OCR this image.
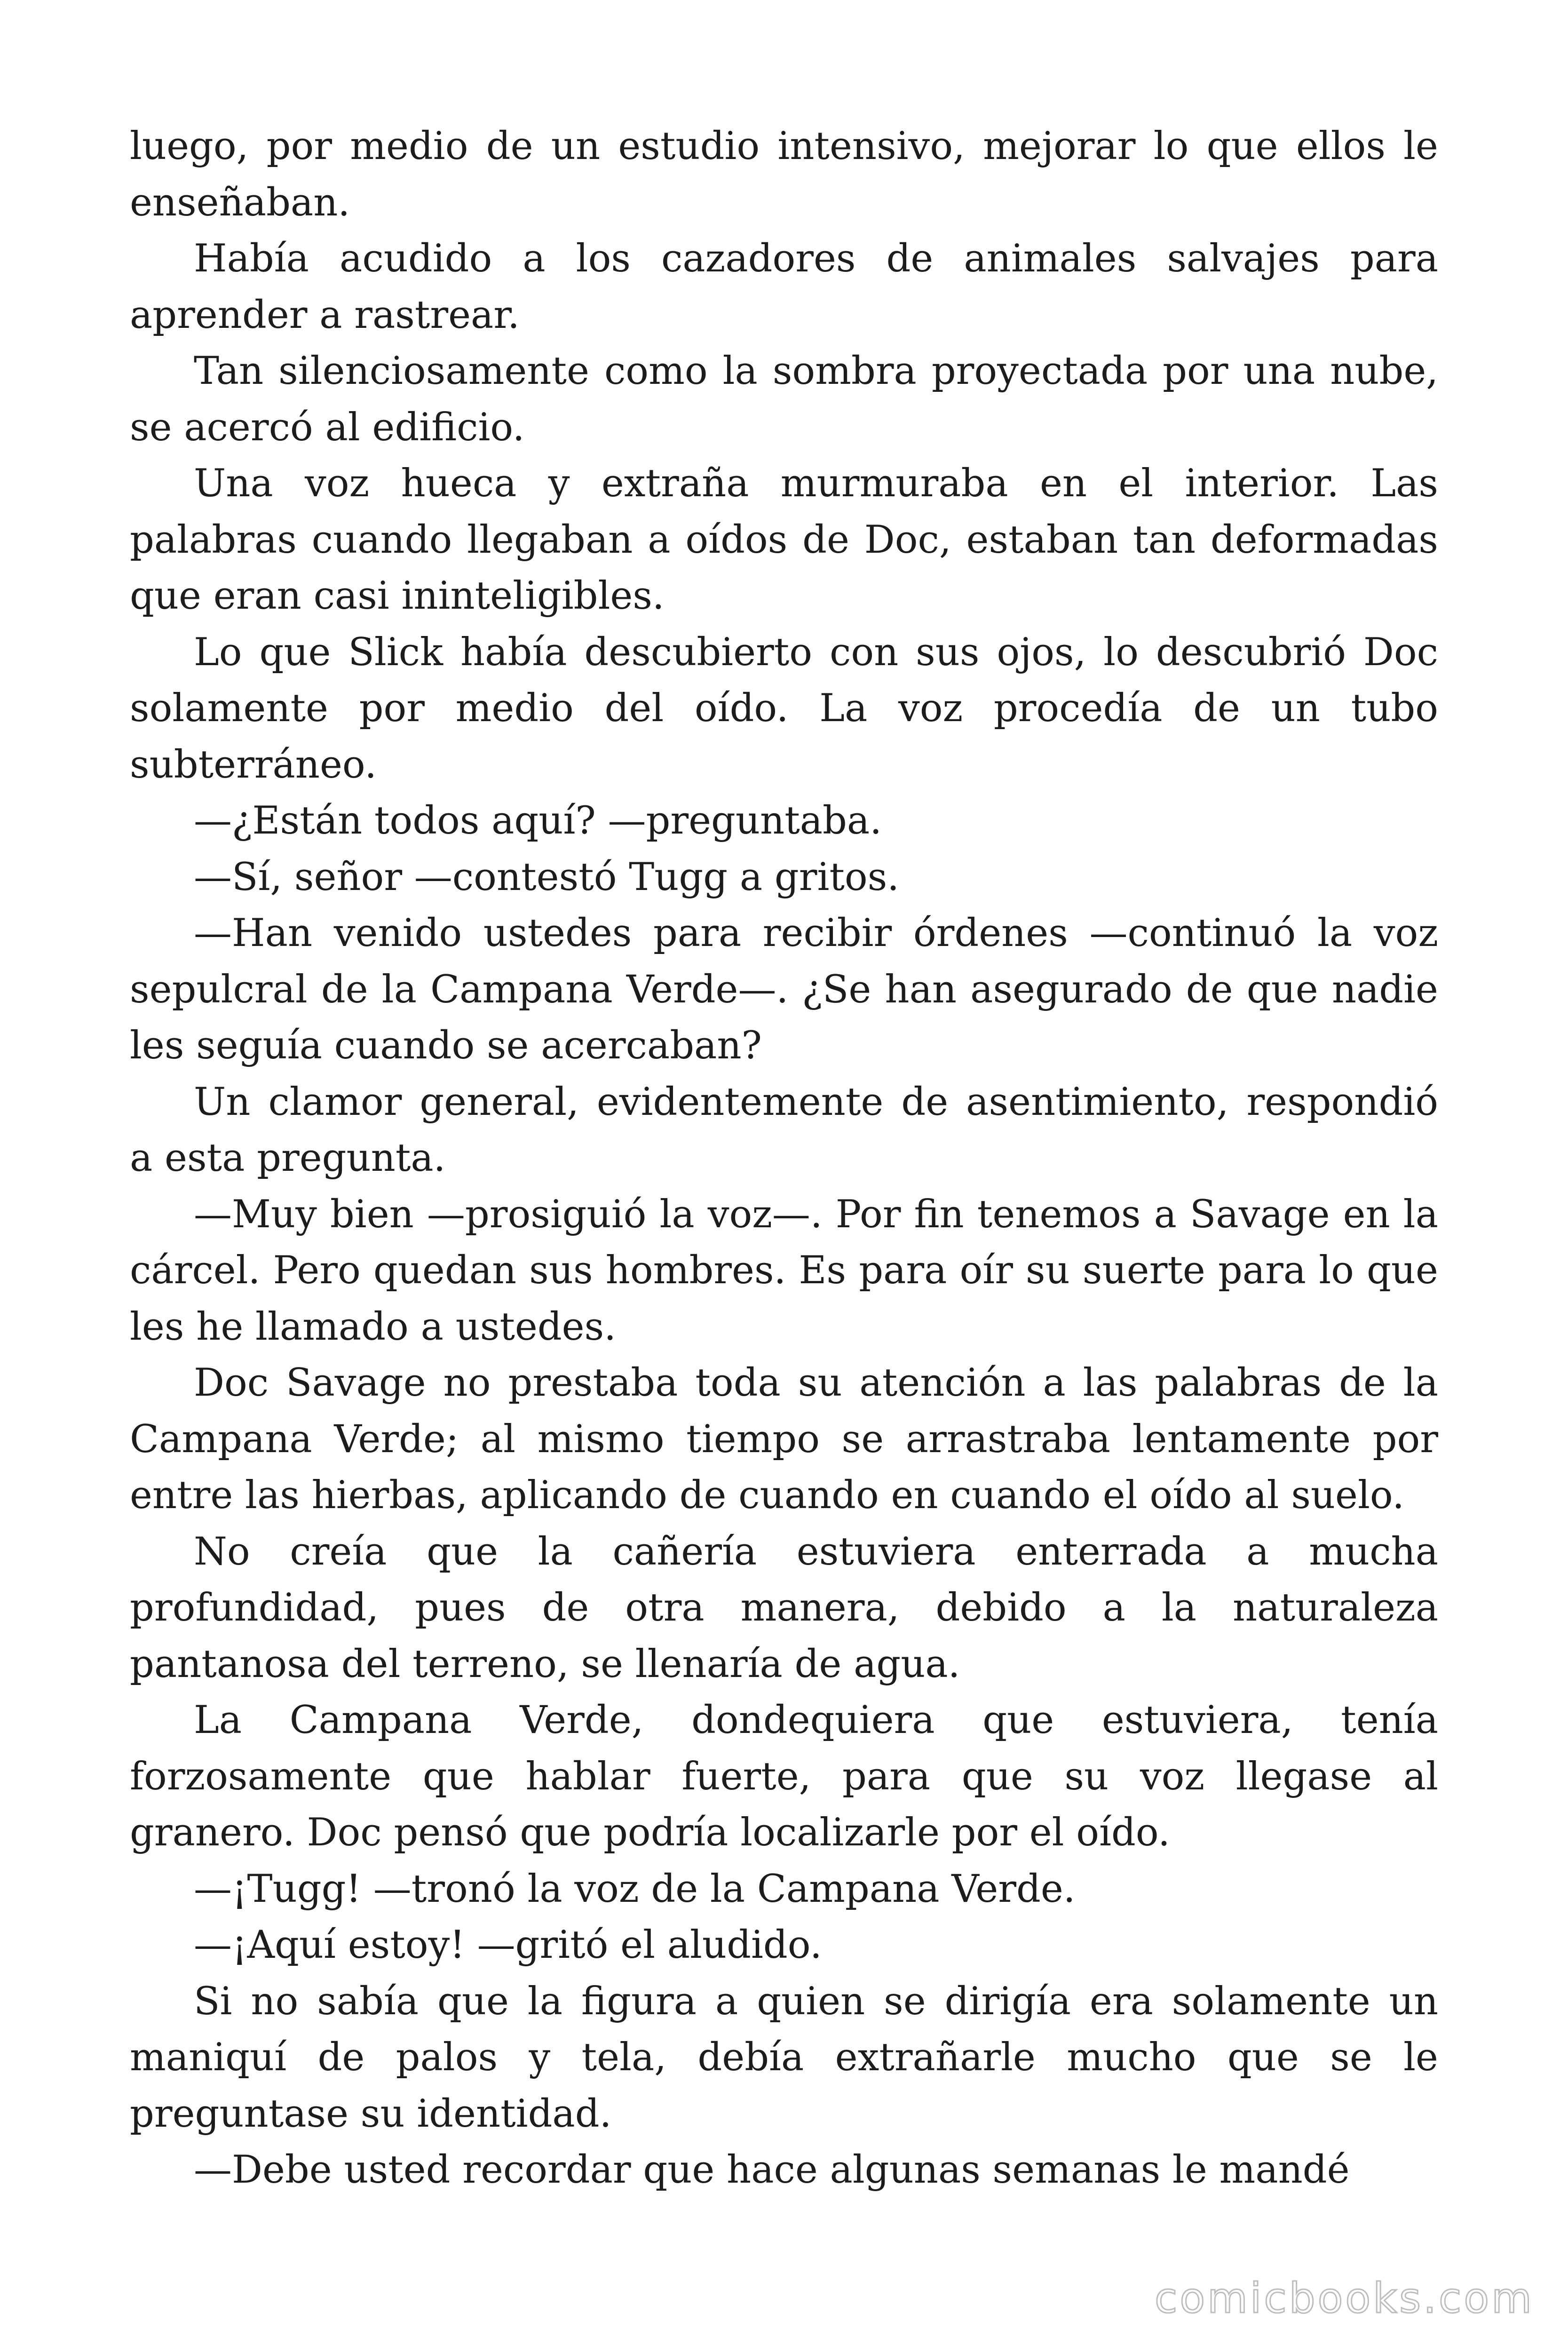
luego, por medio de un estudio intensivo, mejorar lo que ellos le enseñaban.

Había acudido a los cazadores de animales salvajes para aprender a rastrear.

Tan silenciosamente como la sombra proyectada por una nube, se acercó al edificio.

Una voz hueca y extraña murmuraba en el interior. Las palabras cuando llegaban a oídos de Doc, estaban tan deformadas que eran casi ininteligibles.

Lo que Slick había descubierto con sus ojos, lo descubrió Doc solamente por medio del oído. La voz procedía de un tubo subterráneo.

—¿Están todos aquí? —preguntaba.

—Sí, señor —contestó Tugg a gritos.

—Han venido ustedes para recibir órdenes —continuó la voz sepulcral de la Campana Verde—. ¿Se han asegurado de que nadie les seguía cuando se acercaban?

Un clamor general, evidentemente de asentimiento, respondió a esta pregunta.

—Muy bien —prosiguió la voz—. Por fin tenemos a Savage en la cárcel. Pero quedan sus hombres. Es para oír su suerte para lo que les he llamado a ustedes.

Doc Savage no prestaba toda su atención a las palabras de la Campana Verde; al mismo tiempo se arrastraba lentamente por entre las hierbas, aplicando de cuando en cuando el oído al suelo.

No creía que la cañería estuviera enterrada a mucha profundidad, pues de otra manera, debido a la naturaleza pantanosa del terreno, se llenaría de agua.

La Campana Verde, dondequiera que estuviera, tenía forzosamente que hablar fuerte, para que su voz llegase al granero. Doc pensó que podría localizarle por el oído.

—¡Tugg! —tronó la voz de la Campana Verde.

—¡Aquí estoy! —gritó el aludido.

Si no sabía que la figura a quien se dirigía era solamente un maniquí de palos y tela, debía extrañarle mucho que se le preguntase su identidad.

—Debe usted recordar que hace algunas semanas le mandé

comicbooks.com
